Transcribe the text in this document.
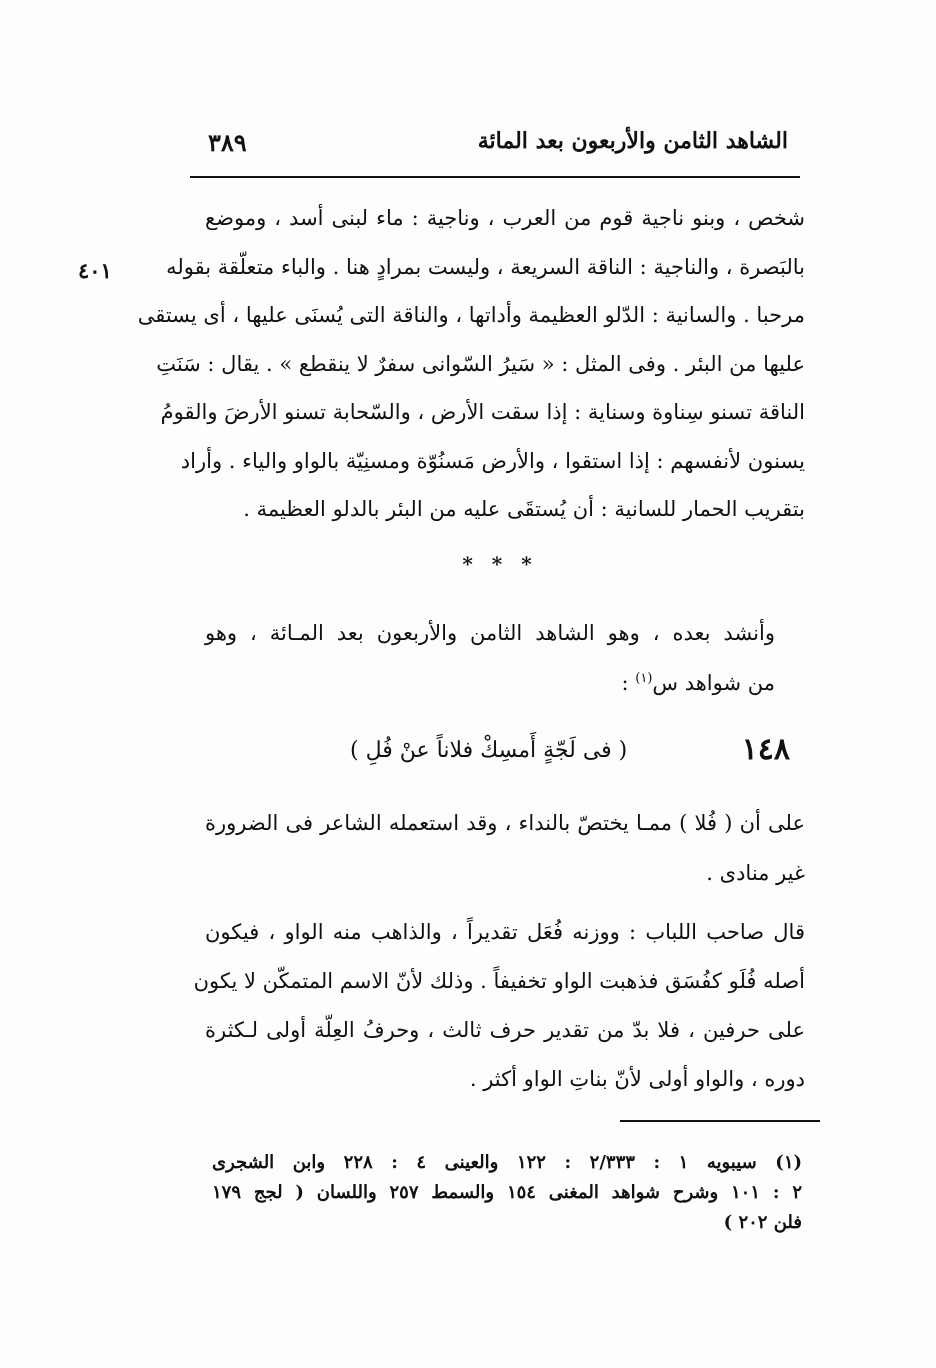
الشاهد الثامن والأربعون بعد المائة
٣٨٩
٤٠١
شخص ، وبنو ناجية قوم من العرب ، وناجية : ماء لبنى أسد ، وموضع
بالبَصرة ، والناجية : الناقة السريعة ، وليست بمرادٍ هنا . والباء متعلّقة بقوله
مرحبا . والسانية : الدّلو العظيمة وأداتها ، والناقة التى يُسنَى عليها ، أى يستقى
عليها من البئر . وفى المثل : « سَيرُ السّوانى سفرٌ لا ينقطع » . يقال : سَنَتِ
الناقة تسنو سِناوة وسناية : إذا سقت الأرض ، والسّحابة تسنو الأرضَ والقومُ
يسنون لأنفسهم : إذا استقوا ، والأرض مَسنُوّة ومسنِيّة بالواو والياء . وأراد
بتقريب الحمار للسانية : أن يُستقَى عليه من البئر بالدلو العظيمة .
* * *
وأنشد بعده ، وهو الشاهد الثامن والأربعون بعد المـائة ، وهو
من شواهد س$^{(١)}$ :
١٤٨
( فى لَجّةٍ أَمسِكْ فلاناً عنْ فُلِ )
على أن ( فُلا ) ممـا يختصّ بالنداء ، وقد استعمله الشاعر فى الضرورة
غير منادى .
قال صاحب اللباب : ووزنه فُعَل تقديراً ، والذاهب منه الواو ، فيكون
أصله فُلَو كفُسَق فذهبت الواو تخفيفاً . وذلك لأنّ الاسم المتمكّن لا يكون
على حرفين ، فلا بدّ من تقدير حرف ثالث ، وحرفُ العِلّة أولى لـكثرة
دوره ، والواو أولى لأنّ بناتِ الواو أكثر .
(١) سيبويه ١ : ٢/٣٣٣ : ١٢٢ والعينى ٤ : ٢٢٨ وابن الشجرى
٢ : ١٠١ وشرح شواهد المغنى ١٥٤ والسمط ٢٥٧ واللسان ( لجج ١٧٩
فلن ٢٠٢ )
